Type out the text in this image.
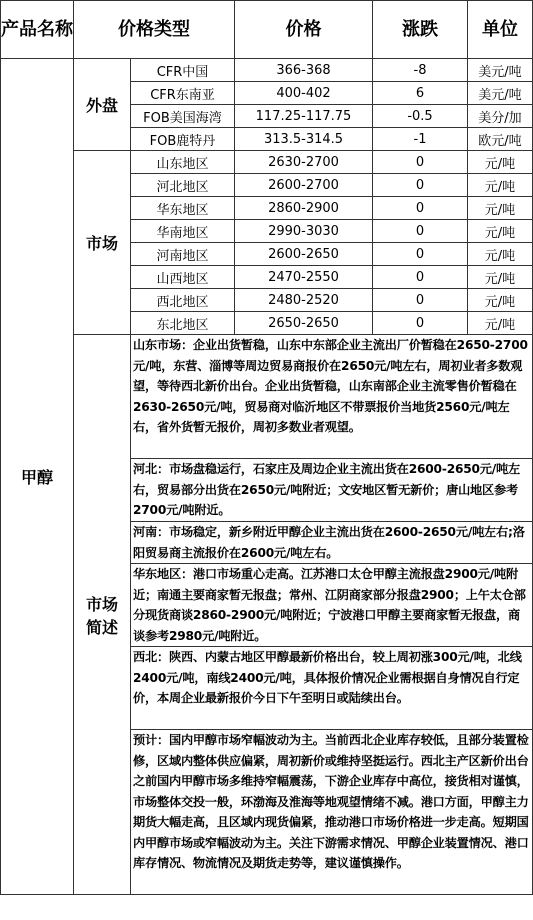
产品名称	价格类型		价格	涨跌	单位
甲醇	外盘	CFR中国	366-368	-8	美元/吨
		CFR东南亚	400-402	6	美元/吨
		FOB美国海湾	117.25-117.75	-0.5	美分/加
		FOB鹿特丹	313.5-314.5	-1	欧元/吨
	市场	山东地区	2630-2700	0	元/吨
		河北地区	2600-2700	0	元/吨
		华东地区	2860-2900	0	元/吨
		华南地区	2990-3030	0	元/吨
		河南地区	2600-2650	0	元/吨
		山西地区	2470-2550	0	元/吨
		西北地区	2480-2520	0	元/吨
		东北地区	2650-2650	0	元/吨
	市场简述	山东市场：企业出货暂稳，山东中东部企业主流出厂价暂稳在2650-2700元/吨，东营、淄博等周边贸易商报价在2650元/吨左右，周初业者多数观望，等待西北新价出台。企业出货暂稳，山东南部企业主流零售价暂稳在2630-2650元/吨，贸易商对临沂地区不带票报价当地货2560元/吨左右，省外货暂无报价，周初多数业者观望。			
		河北：市场盘稳运行，石家庄及周边企业主流出货在2600-2650元/吨左右，贸易部分出货在2650元/吨附近；文安地区暂无新价；唐山地区参考2700元/吨附近。			
		河南：市场稳定，新乡附近甲醇企业主流出货在2600-2650元/吨左右;洛阳贸易商主流报价在2600元/吨左右。			
		华东地区：港口市场重心走高。江苏港口太仓甲醇主流报盘2900元/吨附近；南通主要商家暂无报盘；常州、江阴商家部分报盘2900；上午太仓部分现货商谈2860-2900元/吨附近；宁波港口甲醇主要商家暂无报盘，商谈参考2980元/吨附近。			
		西北：陕西、内蒙古地区甲醇最新价格出台，较上周初涨300元/吨，北线2400元/吨，南线2400元/吨，具体报价情况企业需根据自身情况自行定价，本周企业最新报价今日下午至明日或陆续出台。			
		预计：国内甲醇市场窄幅波动为主。当前西北企业库存较低，且部分装置检修，区域内整体供应偏紧，周初新价或维持坚挺运行。西北主产区新价出台之前国内甲醇市场多维持窄幅震荡，下游企业库存中高位，接货相对谨慎，市场整体交投一般，环渤海及淮海等地观望情绪不减。港口方面，甲醇主力期货大幅走高，且区域内现货偏紧，推动港口市场价格进一步走高。短期国内甲醇市场或窄幅波动为主。关注下游需求情况、甲醇企业装置情况、港口库存情况、物流情况及期货走势等，建议谨慎操作。			
